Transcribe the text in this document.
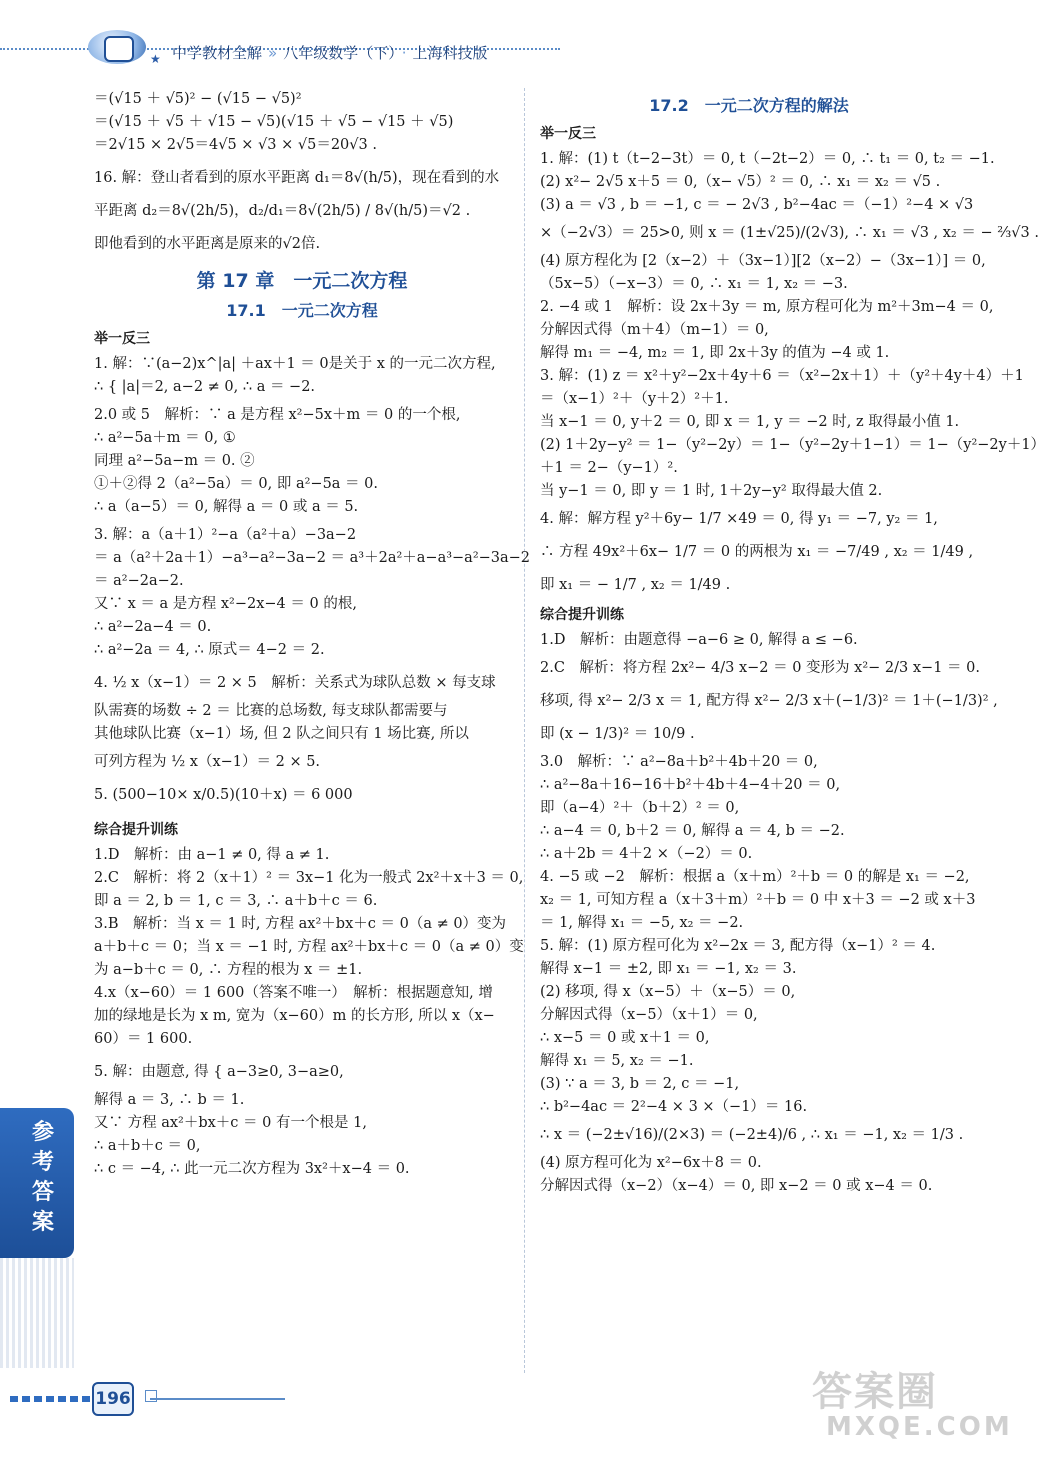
★ 中学教材全解 » 八年级数学（下） · 上海科技版
＝(√15 ＋ √5)² − (√15 − √5)²
＝(√15 ＋ √5 ＋ √15 − √5)(√15 ＋ √5 − √15 ＋ √5)
＝2√15 × 2√5＝4√5 × √3 × √5＝20√3 .
16. 解：登山者看到的原水平距离 d₁＝8√(h/5)，现在看到的水
平距离 d₂＝8√(2h/5)，d₂/d₁＝8√(2h/5) / 8√(h/5)＝√2 .
即他看到的水平距离是原来的√2倍.
第 17 章　一元二次方程
17.1　一元二次方程
举一反三
1. 解：∵(a−2)x^|a| ＋ax＋1 ＝ 0是关于 x 的一元二次方程,
∴ { |a|＝2, a−2 ≠ 0, ∴ a ＝ −2.
2.0 或 5　解析：∵ a 是方程 x²−5x＋m ＝ 0 的一个根,
∴ a²−5a＋m ＝ 0, ①
同理 a²−5a−m ＝ 0. ②
①＋②得 2（a²−5a）＝ 0, 即 a²−5a ＝ 0.
∴ a（a−5）＝ 0, 解得 a ＝ 0 或 a ＝ 5.
3. 解：a（a＋1）²−a（a²＋a）−3a−2
＝ a（a²＋2a＋1）−a³−a²−3a−2 ＝ a³＋2a²＋a−a³−a²−3a−2
＝ a²−2a−2.
又∵ x ＝ a 是方程 x²−2x−4 ＝ 0 的根,
∴ a²−2a−4 ＝ 0.
∴ a²−2a ＝ 4, ∴ 原式＝ 4−2 ＝ 2.
4. ½ x（x−1）＝ 2 × 5　解析：关系式为球队总数 × 每支球
队需赛的场数 ÷ 2 ＝ 比赛的总场数, 每支球队都需要与
其他球队比赛（x−1）场, 但 2 队之间只有 1 场比赛, 所以
可列方程为 ½ x（x−1）＝ 2 × 5.
5. (500−10× x/0.5)(10＋x) ＝ 6 000
综合提升训练
1.D　解析：由 a−1 ≠ 0, 得 a ≠ 1.
2.C　解析：将 2（x＋1）² ＝ 3x−1 化为一般式 2x²＋x＋3 ＝ 0,
即 a ＝ 2, b ＝ 1, c ＝ 3, ∴ a＋b＋c ＝ 6.
3.B　解析：当 x ＝ 1 时, 方程 ax²＋bx＋c ＝ 0（a ≠ 0）变为
a＋b＋c ＝ 0；当 x ＝ −1 时, 方程 ax²＋bx＋c ＝ 0（a ≠ 0）变
为 a−b＋c ＝ 0, ∴ 方程的根为 x ＝ ±1.
4.x（x−60）＝ 1 600（答案不唯一）　解析：根据题意知, 增
加的绿地是长为 x m, 宽为（x−60）m 的长方形, 所以 x（x−
60）＝ 1 600.
5. 解：由题意, 得 { a−3≥0, 3−a≥0,
解得 a ＝ 3, ∴ b ＝ 1.
又∵ 方程 ax²＋bx＋c ＝ 0 有一个根是 1,
∴ a＋b＋c ＝ 0,
∴ c ＝ −4, ∴ 此一元二次方程为 3x²＋x−4 ＝ 0.
17.2　一元二次方程的解法
举一反三
1. 解：(1) t（t−2−3t）＝ 0, t（−2t−2）＝ 0, ∴ t₁ ＝ 0, t₂ ＝ −1.
(2) x²− 2√5 x＋5 ＝ 0,（x− √5）² ＝ 0, ∴ x₁ ＝ x₂ ＝ √5 .
(3) a ＝ √3 , b ＝ −1, c ＝ − 2√3 , b²−4ac ＝（−1）²−4 × √3
×（−2√3）＝ 25>0, 则 x ＝ (1±√25)/(2√3), ∴ x₁ ＝ √3 , x₂ ＝ − ⅔√3 .
(4) 原方程化为 [2（x−2）＋（3x−1）][2（x−2）−（3x−1）] ＝ 0,
（5x−5）（−x−3）＝ 0, ∴ x₁ ＝ 1, x₂ ＝ −3.
2. −4 或 1　解析：设 2x＋3y ＝ m, 原方程可化为 m²＋3m−4 ＝ 0,
分解因式得（m＋4）（m−1）＝ 0,
解得 m₁ ＝ −4, m₂ ＝ 1, 即 2x＋3y 的值为 −4 或 1.
3. 解：(1) z ＝ x²＋y²−2x＋4y＋6 ＝（x²−2x＋1）＋（y²＋4y＋4）＋1
＝（x−1）²＋（y＋2）²＋1.
当 x−1 ＝ 0, y＋2 ＝ 0, 即 x ＝ 1, y ＝ −2 时, z 取得最小值 1.
(2) 1＋2y−y² ＝ 1−（y²−2y）＝ 1−（y²−2y＋1−1）＝ 1−（y²−2y＋1）
＋1 ＝ 2−（y−1）².
当 y−1 ＝ 0, 即 y ＝ 1 时, 1＋2y−y² 取得最大值 2.
4. 解：解方程 y²＋6y− 1/7 ×49 ＝ 0, 得 y₁ ＝ −7, y₂ ＝ 1,
∴ 方程 49x²＋6x− 1/7 ＝ 0 的两根为 x₁ ＝ −7/49 , x₂ ＝ 1/49 ,
即 x₁ ＝ − 1/7 , x₂ ＝ 1/49 .
综合提升训练
1.D　解析：由题意得 −a−6 ≥ 0, 解得 a ≤ −6.
2.C　解析：将方程 2x²− 4/3 x−2 ＝ 0 变形为 x²− 2/3 x−1 ＝ 0.
移项, 得 x²− 2/3 x ＝ 1, 配方得 x²− 2/3 x＋(−1/3)² ＝ 1＋(−1/3)² ,
即 (x − 1/3)² ＝ 10/9 .
3.0　解析：∵ a²−8a＋b²＋4b＋20 ＝ 0,
∴ a²−8a＋16−16＋b²＋4b＋4−4＋20 ＝ 0,
即（a−4）²＋（b＋2）² ＝ 0,
∴ a−4 ＝ 0, b＋2 ＝ 0, 解得 a ＝ 4, b ＝ −2.
∴ a＋2b ＝ 4＋2 ×（−2）＝ 0.
4. −5 或 −2　解析：根据 a（x＋m）²＋b ＝ 0 的解是 x₁ ＝ −2,
x₂ ＝ 1, 可知方程 a（x＋3＋m）²＋b ＝ 0 中 x＋3 ＝ −2 或 x＋3
＝ 1, 解得 x₁ ＝ −5, x₂ ＝ −2.
5. 解：(1) 原方程可化为 x²−2x ＝ 3, 配方得（x−1）² ＝ 4.
解得 x−1 ＝ ±2, 即 x₁ ＝ −1, x₂ ＝ 3.
(2) 移项, 得 x（x−5）＋（x−5）＝ 0,
分解因式得（x−5）（x＋1）＝ 0,
∴ x−5 ＝ 0 或 x＋1 ＝ 0,
解得 x₁ ＝ 5, x₂ ＝ −1.
(3) ∵ a ＝ 3, b ＝ 2, c ＝ −1,
∴ b²−4ac ＝ 2²−4 × 3 ×（−1）＝ 16.
∴ x ＝ (−2±√16)/(2×3) ＝ (−2±4)/6 , ∴ x₁ ＝ −1, x₂ ＝ 1/3 .
(4) 原方程可化为 x²−6x＋8 ＝ 0.
分解因式得（x−2）（x−4）＝ 0, 即 x−2 ＝ 0 或 x−4 ＝ 0.
参考答案
196	答案圈
MXQE.COM
